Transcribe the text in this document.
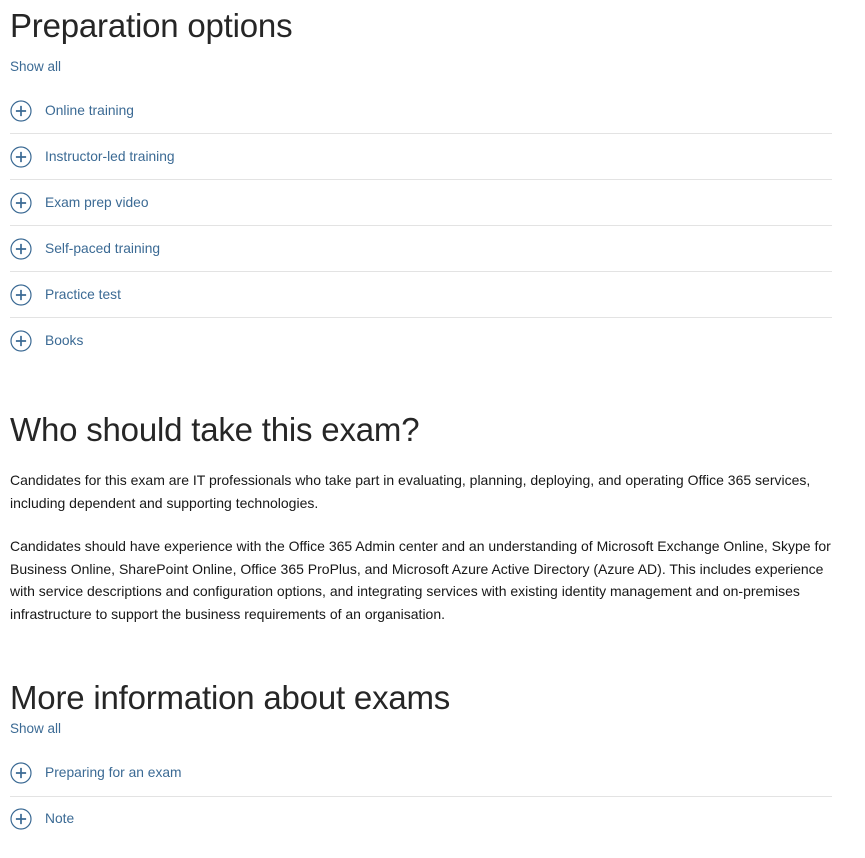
Preparation options
Show all
Online training
Instructor-led training
Exam prep video
Self-paced training
Practice test
Books
Who should take this exam?

Candidates for this exam are IT professionals who take part in evaluating, planning, deploying, and operating Office 365 services, including dependent and supporting technologies.

Candidates should have experience with the Office 365 Admin center and an understanding of Microsoft Exchange Online, Skype for Business Online, SharePoint Online, Office 365 ProPlus, and Microsoft Azure Active Directory (Azure AD). This includes experience with service descriptions and configuration options, and integrating services with existing identity management and on-premises infrastructure to support the business requirements of an organisation.

More information about exams
Show all
Preparing for an exam
Note
